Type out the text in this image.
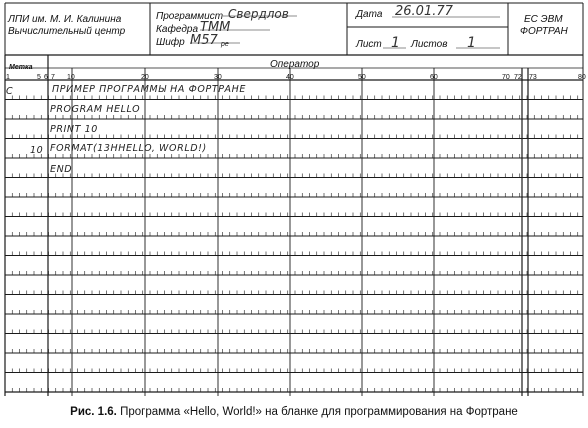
ЛПИ им. М. И. Калинина
Вычислительный центр
Программист Свердлов
Кафедра ТММ
Шифр М57 ре
Дата 26.01.77
Лист 1 Листов 1
ЕС ЭВМ
ФОРТРАН
Метка	Оператор
1	5 6 7 10	20	30	40	50	60	70 72 73	80
С	ПРИМЕР ПРОГРАММЫ НА ФОРТРАНЕ
PROGRAM HELLO
PRINT 10
10 FORMAT(13HHELLO, WORLD!)
END
Рис. 1.6. Программа «Hello, World!» на бланке для программирования на Фортране
